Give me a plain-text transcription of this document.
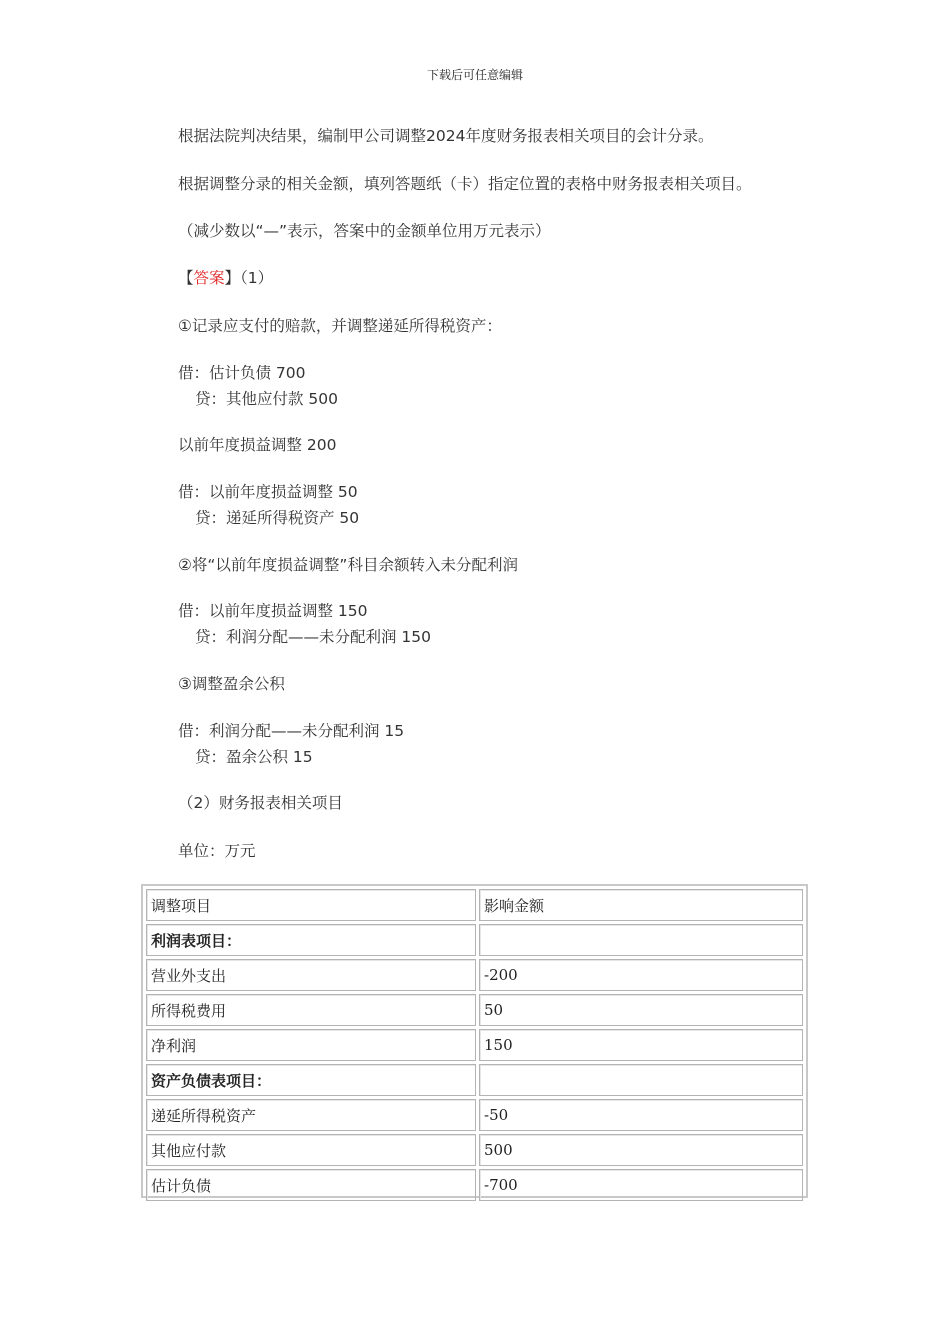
下载后可任意编辑
根据法院判决结果，编制甲公司调整2024年度财务报表相关项目的会计分录。
根据调整分录的相关金额，填列答题纸（卡）指定位置的表格中财务报表相关项目。
（减少数以“—”表示，答案中的金额单位用万元表示）
【答案】（1）
①记录应支付的赔款，并调整递延所得税资产：
借：估计负债 700
贷：其他应付款 500
以前年度损益调整 200
借：以前年度损益调整 50
贷：递延所得税资产 50
②将“以前年度损益调整”科目余额转入未分配利润
借：以前年度损益调整 150
贷：利润分配——未分配利润 150
③调整盈余公积
借：利润分配——未分配利润 15
贷：盈余公积 15
（2）财务报表相关项目
单位：万元
调整项目	影响金额
利润表项目：	
营业外支出	-200
所得税费用	50
净利润	150
资产负债表项目：	
递延所得税资产	-50
其他应付款	500
估计负债	-700
